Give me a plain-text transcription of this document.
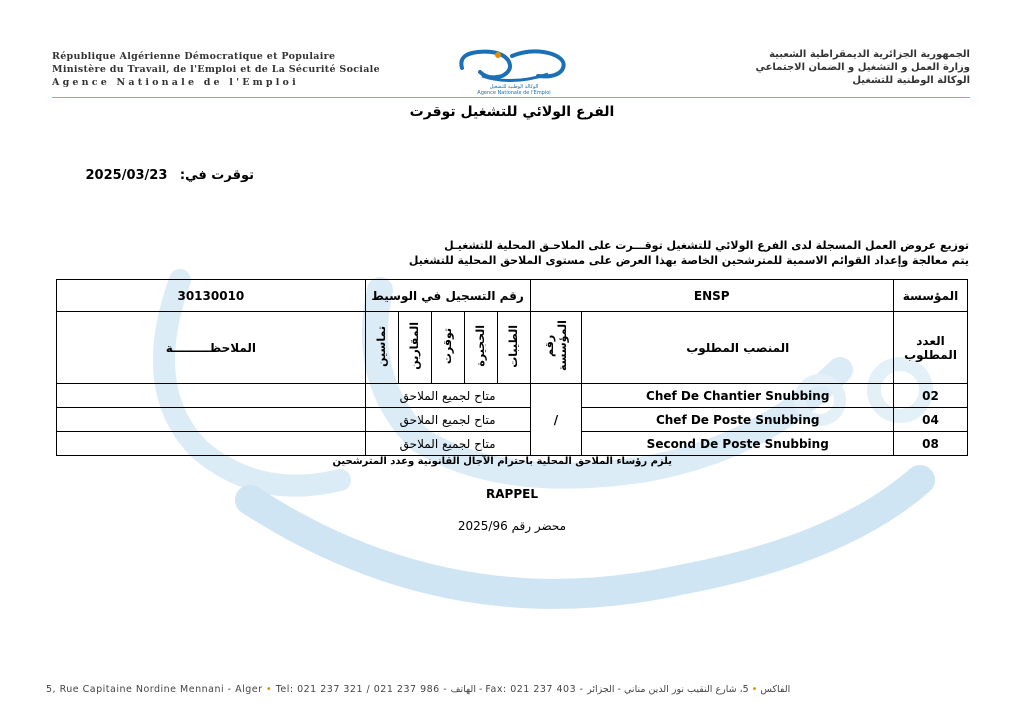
République Algérienne Démocratique et Populaire
Ministère du Travail, de l'Emploi et de La Sécurité Sociale
Agence Nationale de l'Emploi	الوكالة الوطنية للتشغيل
Agence Nationale de l'Emploi
الجمهورية الجزائرية الديمقراطية الشعبية
وزارة العمل و التشغيل و الضمان الاجتماعي
الوكالة الوطنية للتشغيل
الفرع الولائي للتشغيل توقرت
توقرت في: 2025/03/23
توزيع عروض العمل المسجلة لدى الفرع الولائي للتشغيل توقـــرت على الملاحـق المحلية للتشغيـل
يتم معالجة وإعداد القوائم الاسمية للمترشحين الخاصة بهذا العرض على مستوى الملاحق المحلية للتشغيل
المؤسسة	ENSP		رقم التسجيل في الوسيط					30130010
العدد المطلوب	المنصب المطلوب	رقم المؤسسة	الطيبات	الحجيرة	توقرت	المقارين	تماسين	الملاحظـــــــــة
02	Chef De Chantier Snubbing	/	متاح لجميع الملاحق					
04	Chef De Poste Snubbing		متاح لجميع الملاحق					
08	Second De Poste Snubbing		متاح لجميع الملاحق					
يلزم رؤساء الملاحق المحلية باحترام الآجال القانونية وعدد المترشحين
RAPPEL
محضر رقم 2025/96
5, Rue Capitaine Nordine Mennani - Alger • Tel: 021 237 321 / 021 237 986 - الهاتف - Fax: 021 237 403 - الفاكس • 5، شارع النقيب نور الدين مناني - الجزائر
